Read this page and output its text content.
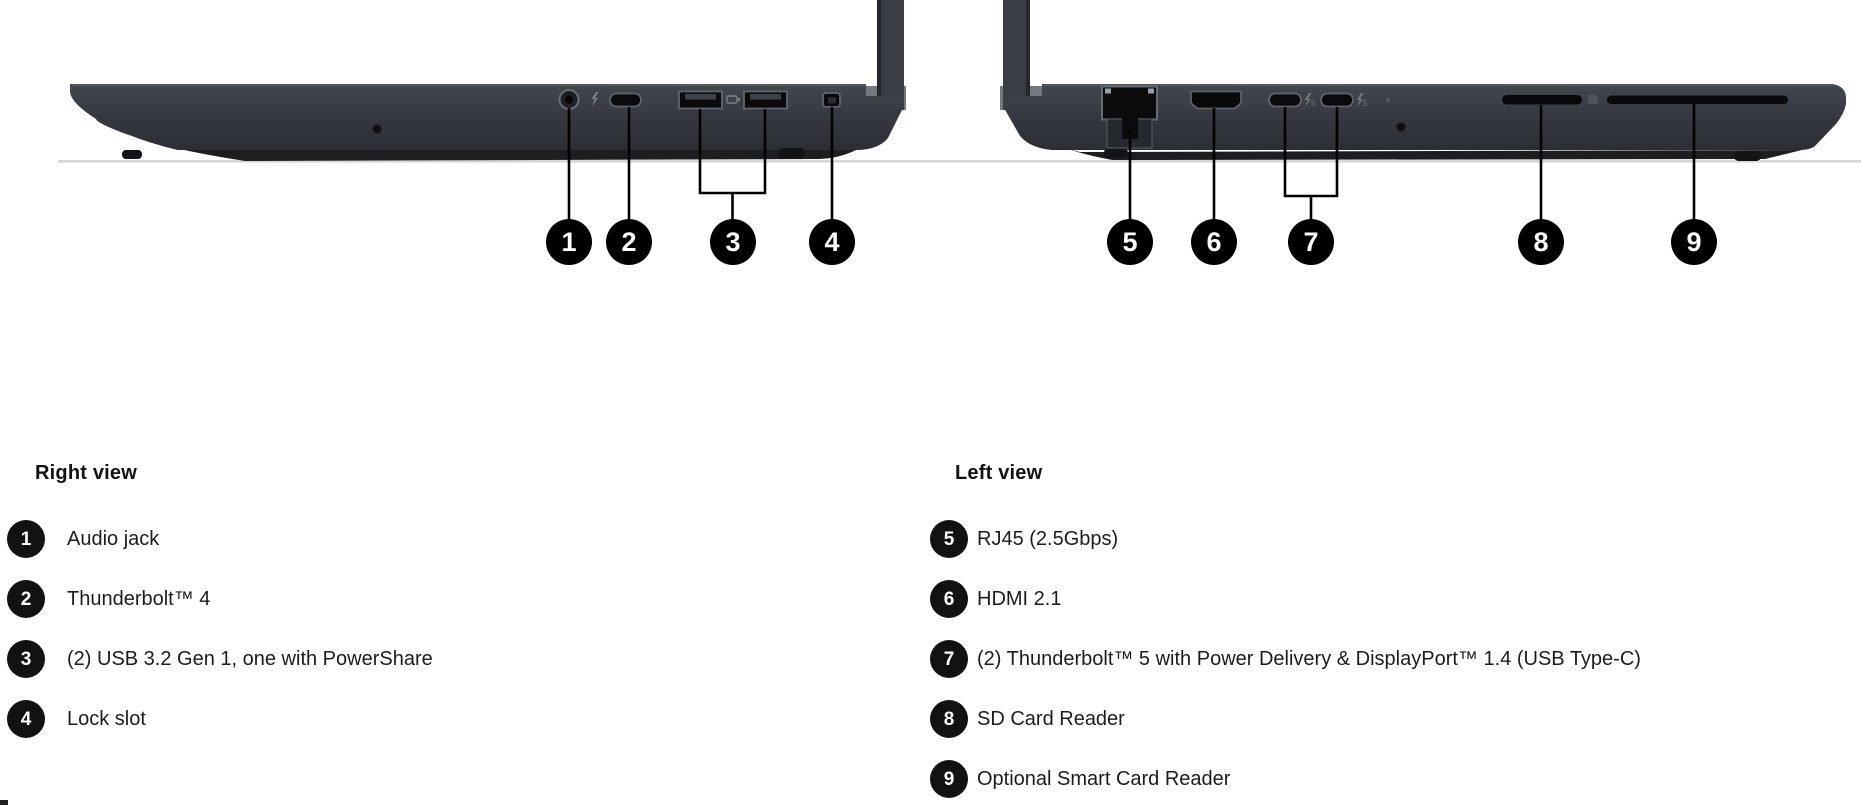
5	5
1 2	3	4	5	6	7	8	9
Right view
1	Audio jack
2	Thunderbolt™ 4
3	(2) USB 3.2 Gen 1, one with PowerShare
4	Lock slot
Left view
5	RJ45 (2.5Gbps)
6	HDMI 2.1
7	(2) Thunderbolt™ 5 with Power Delivery & DisplayPort™ 1.4 (USB Type-C)
8	SD Card Reader
9	Optional Smart Card Reader
